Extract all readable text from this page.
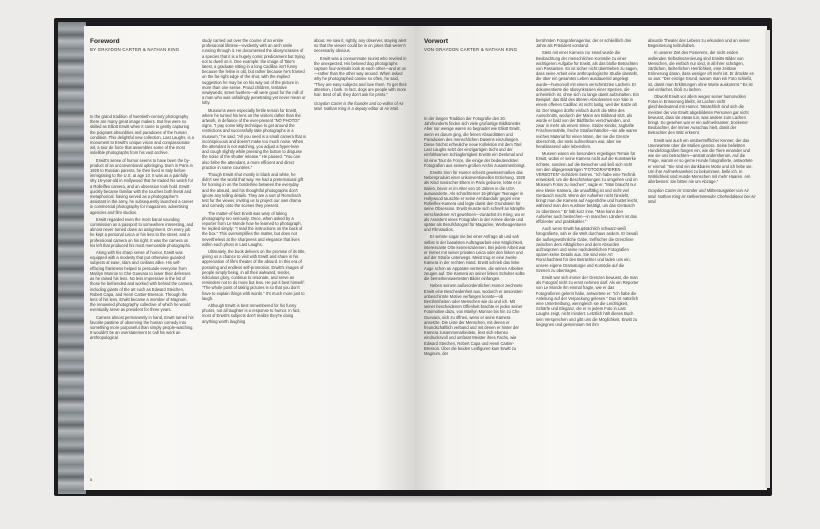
Foreword
BY GRAYDON CARTER & NATHAN KING

In the grand tradition of twentieth-century photography there are many great image makers. But few were so skilled as Elliott Erwitt when it came to gently capturing the poignant absurdities and paradoxes of the human condition. This delightful new collection, Last Laughs, is a monument to Erwitt's unique vision and compassionate wit, a tour de force that assembles some of the most indelible photographs from his vast archive.

Erwitt's sense of humor seems to have been the by-product of an unconventional upbringing. Born in Paris in 1928 to Russian parents, he then lived in Italy before immigrating to the U.S. at age 10. It was as a painfully shy 16-year-old in Hollywood that he traded his watch for a Rolleiflex camera, and an obsession took hold. Erwitt quickly became familiar with the touches both literal and metaphorical: having served as a photographer's assistant in the army, he subsequently launched a career in commercial photography for magazines, advertising agencies and film studios.

Erwitt regarded even the most banal sounding commission as a passport to somewhere interesting, and almost never turned down an assignment. On every job he kept a personal Leica or his lens to the street, and a professional camera on his right. It was the camera on his left that produced his most memorable photographs.

Along with his sharp sense of humor, Erwitt was equipped with a modesty that put otherwise guarded subjects at ease, stars and civilians alike. His self-effacing frankness helped to persuade everyone from Marilyn Monroe to Che Guevara to lower their defenses as he raised his lens. No less impressive is the list of those he befriended and worked with behind the camera, including giants of the art such as Edward Steichen, Robert Capa, and Henri Cartier-Bresson. Through the lens of his lens, Erwitt became a member of Magnum, the renowned photography collective of which he would eventually serve as president for three years.

Camera almost permanently in hand, Erwitt turned his favorite pastime of observing the human comedy into something more purposeful than simply people-watching. It wouldn't be an overstatement to call his work an anthropological

study carried out over the course of an entire professional lifetime—evidently with an arch smile running through it. He documented the idiosyncrasies of a species that it is a hugely comic predicament but trying not to dwell on it. One example: the image of Tate's latest, a graduate sitting in a long Cadillac isn't funny because the feline is old, but rather because he's framed on the far-right edge of the shot, with the implied suggestion he may be on his way out of the picture in more than one sense. Proud children, tentative newlyweds, street hustlers—all were good for the mill of a man who was unfailingly penetrating yet never mean or lofty.

Museums were especially fertile terrain for Erwitt, where he turned his lens on the visitors rather than the artwork, in defiance of the ever-present "NO PHOTO!" signs. "I pay some kitty technique to get around the restrictions and successfully take photographs in a museum," he said. "All you need is a small camera that is inconspicuous and doesn't make too much noise. When the attendant is not watching, you adjust a hyper-lean and cough slightly while pressing the button to disguise the noise of the shutter release." He paused. "You can also bribe the attendant, a more efficient and direct practice in some countries."

Though Erwitt shot mostly in black and white, he didn't see the world that way. He had a preternatural gift for homing in on the borderline between the everyday and the absurd, and his thoughtful photographs don't ignore any telling details. They are a sort of Rorschach test for the viewer, inviting us to project our own drama and comedy onto the scenes they present.

The matter-of-fact Erwitt was wary of taking photography too seriously. Once, when asked by a reporter from Le Monde how he learned to photograph, he replied simply: "I read the instructions on the back of the box." This oversimplifies the matter, but does not nevertheless at the sharpness and elegance that lives within each photo in Last Laughs.

Ultimately, the book delivers on the promise of its title, giving us a chance to visit with Erwitt and share in his appreciation of life's theater of the absurd. In this era of posturing and endless self-promotion, Erwitt's images of people simply being, in all their awkward, tender, ridiculous glory, continue to resonate, and serve as reminders not to do more but less. He put it best himself: "The whole point of taking pictures is so that you don't have to explain things with words." It's much more just to laugh.

Although Erwitt is best remembered for his funny photos, not all laughter is a response to humor. In fact, most of Erwitt's subjects don't realize they're doing anything worth laughing

about. He saw it, rightly, any observer, staying alert so that the viewer could be in on jokes that weren't necessarily obvious.

Erwitt was a consummate tourist who reveled in the unexpected. His beloved dog photographs capture four-animals look at each other—and at us—rather than the other way around. When asked why he photographed canine so often, he said, "They are easy subjects and love them. To get their attention, I bark. In fact, dogs are people with more hair. Best of all, they don't ask for prints."

Graydon Carter is the founder and co-editor of Air Mail. Nathan King is a deputy editor at Air Mail.

8
Vorwort
VON GRAYDON CARTER & NATHAN KING

In der langen Tradition der Fotografie des 20. Jahrhunderts finden sich viele großartige Bildkünstler. Aber nur wenige waren so begnadet wie Elliott Erwitt, wenn es darum ging, die feinen Absurditäten und Paradoxien des menschlichen Daseins einzufangen. Diese höchst erfreuliche neue Kollektion mit dem Titel Last Laughs setzt der einzigartigen Sicht und der einfühlsamen Schlagfertigkeit Erwitts ein Denkmal und ist eine Tour de Force, die einige der bedeutendsten Fotografien aus seinem großen Archiv zusammenbringt.

Erwitts Sinn für Humor scheint gewissermaßen das Nebenprodukt einer unkonventionellen Erziehung. 1928 als Kind russischer Eltern in Paris geboren, lebte er in Italien, bevor er im Alter von 10 Jahren in die USA auswanderte. Als schüchterner 16-jähriger Teenager in Hollywood tauschte er seine Armbanduhr gegen eine Rolleiflex-Kamera und legte damit den Grundstein für seine Obsession. Erwitt musste sich schnell an kämpfte verschiedener Art gewöhnen—zunächst im Krieg, wo er als Assistent eines Fotografen in der Armee diente und später als Berufsfotograf für Magazine, Werbeagenturen und Filmstudios.

Er sehnte sogar nie bei einer Anfrage ab und sah selbst in der banalsten Auftragsarbeit eine Möglichkeit, interessante Orte kennenzulernen. Bei jedem Arbeit war er immer mit seiner privaten Leica oder den linken und auf der Straße unterwegs. Meist trug er eine zweite Kamera in der rechten Hand. Erwitt schrieb das linke Auge schon an Apparate vertreten, die seinen Arbeiten zeugen auf. Die Kamera an seiner linken Schulter sollte die bemerkenswertesten Bilder einfangen.

Neben seinem außerordentlichen Humor zeichnete Erwitt eine Bescheidenheit aus, wodurch er ansonsten unbeschirmte Motive verfangen konnte—ob Berühmtheiten oder Menschen wie du und ich. Mit seiner bescheidenen Offenheit brachte er jeden seiner Fotomotive dazu, von Marilyn Monroe bis hin zu Che Guevara, sich zu öffnen, wenn er seine Kamera ansetzte. Die Liste der Menschen, mit denen er freundschaftlich verband und mit denen er hinter der Kamera zusammenarbeitete, liest sich ebenso eindrucksvoll und umfasst Meister ihres Fachs, wie Edward Steichen, Robert Capa und Henri Cartier-Bresson. Über die beiden Leitfiguren kam Erwitt zu Magnum, der

berühmten Fotografenagentur, der er schließlich drei Jahre als Präsident vorstand.

Stets mit einer Kamera zur Hand wurde die Beobachtung der menschlichen Komödie zu einer wichtigeren Aufgabe für Erwitt, als das bloße Betrachten von Passanten. Es ist sicher nicht übertrieben zu sagen, dass seine Arbeit eine anthropologische Studie darstellt, die über ein gesamtes Leben ausdauernd angelegt wurde—humorvoll mit einem verschmitzten Lächeln. Er dokumentierte die Idiosynkrasien einer Spezies, die unheimlich ist, ohne sich zu lange damit aufzuhalten. Ein Beispiel: das Bild des älteren Absolventen von Yale in einem offenen Cadillac ist nicht lustig, weil der Katze alt ist. Der Wagen dürfte einfach durch die Mitte des Ausschnitts, wodurch der Mann am Bildrand sitzt, als würde er bald von der Bildfläche verschwinden, und zwar in mehr als einem Sinne. Stolze Kinder, zaghafte Frischvermählte, freche Straßenhändler—sie alle waren reiches Material für einen Mann, der nie die Grenze überschritt, der stets aufmerksam war, aber nie herablassend oder lebensfern.

Museen waren ein besonders ergiebiges Terrain für Erwitt, wobei er seine Kamera nicht auf die Kunstwerke richtete, sondern auf die Besucher und ließ sich nicht von den allgegenwärtigen "FOTOGRAFIEREN VERBOTEN"-Schildern beirren. "Ich habe eine Technik entwickelt, um die Beschränkungen zu umgehen und im Museum Fotos zu machen", sagte er. "Man braucht nur eine kleine Kamera, die unauffällig ist und nicht viel Geräusch macht. Wenn der Aufseher nicht hinsieht, bringt man die Kamera auf Augenhöhe und hustet leicht, während man den Auslöser betätigt, um das Geräusch zu übertönen." Er hält kurz inne. "Man kann den Aufseher auch bestechen—in manchen Ländern ist das effizienter und praktikabler."

Auch wenn Erwitt hauptsächlich schwarz-weiß fotografierte, sah er die Welt durchaus anders. Er besaß die außergewöhnliche Gabe, treffsicher die Grenzlinie zwischen dem Alltäglichen und dem Absurden aufzuspüren und seine nachdenklichen Fotografien sparen keine Details aus. Sie sind eine Art Rorschachtest für den Betrachter und laden uns ein, unsere eigene Dramaturgie und Komödie auf die Szenen zu übertragen.

Erwitt war sich immer der Grenzen bewusst, die man als Fotograf nicht zu ernst nehmen darf. Als ein Reporter von Le Monde ihn einmal fragte, wie er das Fotografieren gelernt habe, antwortete er: "Ich habe die Anleitung auf der Verpackung gelesen." Das ist natürlich eine Untertreibung, wenngleich sie die Leichtigkeit, Schärfe und Eleganz, die er in jedem Foto in Last Laughs zeigt, nicht mindert. Letztlich hält dieses Buch sein Versprechen und gibt uns die Möglichkeit, Erwitt zu begegnen und gemeinsam mit ihm

absurde Theater des Lebens zu erkunden und an seiner Begeisterung teilzuhaben.

In unserer Zeit des Posierens, der nicht enden wollenden Selbstinszenierung sind Erwitts Bilder von Menschen, die einfach nur sind, in all ihrer schrägen, zärtlichen, lächerlichen Herrlichkeit, eine zeitlose Erinnerung daran, dass weniger oft mehr ist. Er drückte es so aus: "Der einzige Grund, warum man ein Foto schießt, ist, damit man Erklärungen ohne Worte auskommt." Es ist viel einfacher, bloß zu lachen.

Obwohl Erwitt vor allem wegen seiner humorvollen Fotos in Erinnerung bleibt, ist Lachen nicht gleichbedeutend mit Humor. Tatsächlich sind sich die meisten der von Erwitt abgebildeten Personen gar nicht bewusst, dass sie etwas tun, was andere zum Lachen bringt. So gesehen war er ein aufmerksamer, trockener Beobachter, der immer Ausschau hielt, damit der Betrachter den Witz erkennt.

Erwitt war auch ein unübertrefflicher Kenner, der das Unerwartete über die Maßen genoss. Seine beliebten Hundefotografien fangen ein, wie die Tiere einander und wie sie uns betrachten—anstatt andersherum. Auf die Frage, warum er so gerne Hunde fotografierte, antwortete er einmal: "Sie sind ein dankbares Motiv und ich liebe sie. Um ihre Aufmerksamkeit zu bekommen, belle ich. In Wirklichkeit sind Hunde Menschen mit mehr Haaren. Am allerbesten: Sie bitten nie um Abzüge."

Graydon Carter ist Gründer und Mitherausgeber von Air Mail. Nathan King ist stellvertretender Chefredakteur bei Air Mail.
